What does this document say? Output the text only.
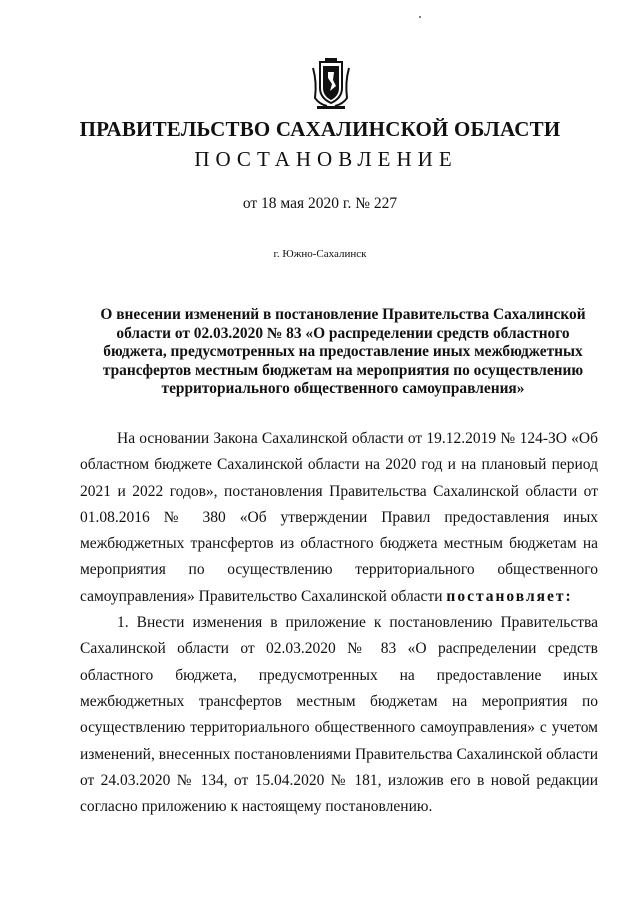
ПРАВИТЕЛЬСТВО САХАЛИНСКОЙ ОБЛАСТИ
ПОСТАНОВЛЕНИЕ
от 18 мая 2020 г. № 227
г. Южно-Сахалинск
О внесении изменений в постановление Правительства Сахалинской области от 02.03.2020 № 83 «О распределении средств областного бюджета, предусмотренных на предоставление иных межбюджетных трансфертов местным бюджетам на мероприятия по осуществлению территориального общественного самоуправления»

На основании Закона Сахалинской области от 19.12.2019 № 124-ЗО «Об областном бюджете Сахалинской области на 2020 год и на плановый период 2021 и 2022 годов», постановления Правительства Сахалинской области от 01.08.2016 № 380 «Об утверждении Правил предоставления иных межбюджетных трансфертов из областного бюджета местным бюджетам на мероприятия по осуществлению территориального общественного самоуправления» Правительство Сахалинской области постановляет:

1. Внести изменения в приложение к постановлению Правительства Сахалинской области от 02.03.2020 № 83 «О распределении средств областного бюджета, предусмотренных на предоставление иных межбюджетных трансфертов местным бюджетам на мероприятия по осуществлению территориального общественного самоуправления» с учетом изменений, внесенных постановлениями Правительства Сахалинской области от 24.03.2020 № 134, от 15.04.2020 № 181, изложив его в новой редакции согласно приложению к настоящему постановлению.
